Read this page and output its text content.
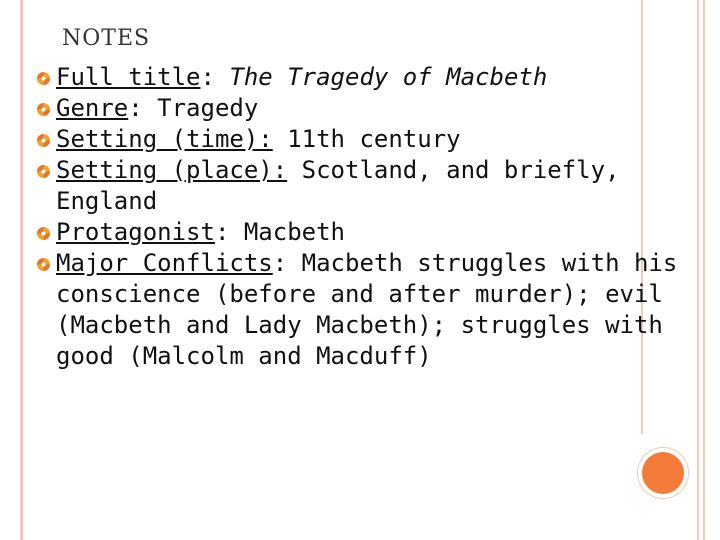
NOTES
Full title: The Tragedy of Macbeth
Genre: Tragedy
Setting (time): 11th century
Setting (place): Scotland, and briefly, England
Protagonist: Macbeth
Major Conflicts: Macbeth struggles with his conscience (before and after murder); evil (Macbeth and Lady Macbeth); struggles with good (Malcolm and Macduff)
